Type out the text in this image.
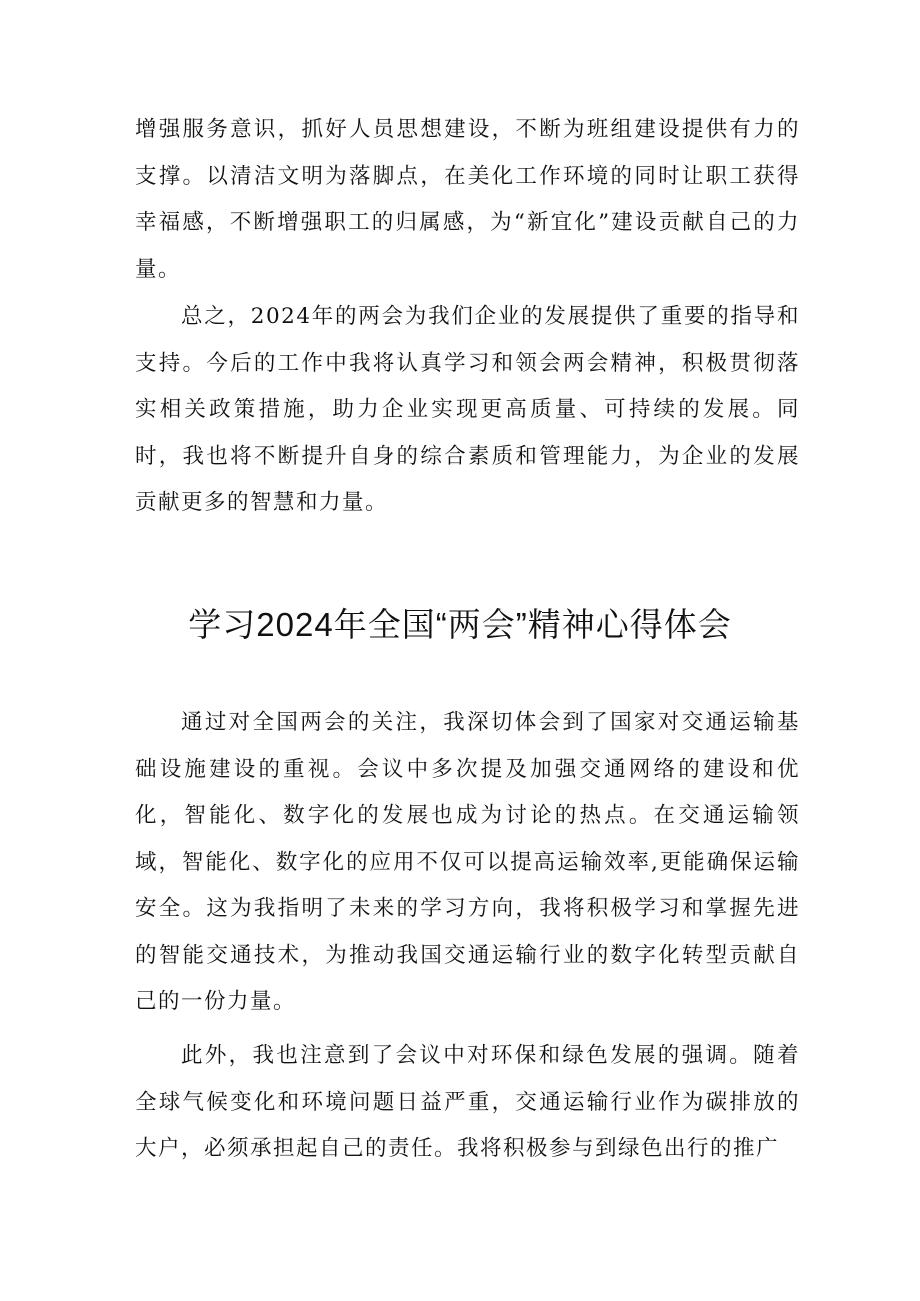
增强服务意识，抓好人员思想建设，不断为班组建设提供有力的支撑。以清洁文明为落脚点，在美化工作环境的同时让职工获得幸福感，不断增强职工的归属感，为“新宜化”建设贡献自己的力量。

总之，2024年的两会为我们企业的发展提供了重要的指导和支持。今后的工作中我将认真学习和领会两会精神，积极贯彻落实相关政策措施，助力企业实现更高质量、可持续的发展。同时，我也将不断提升自身的综合素质和管理能力，为企业的发展贡献更多的智慧和力量。

学习2024年全国“两会”精神心得体会

通过对全国两会的关注，我深切体会到了国家对交通运输基础设施建设的重视。会议中多次提及加强交通网络的建设和优化，智能化、数字化的发展也成为讨论的热点。在交通运输领域，智能化、数字化的应用不仅可以提高运输效率,更能确保运输安全。这为我指明了未来的学习方向，我将积极学习和掌握先进的智能交通技术，为推动我国交通运输行业的数字化转型贡献自己的一份力量。

此外，我也注意到了会议中对环保和绿色发展的强调。随着全球气候变化和环境问题日益严重，交通运输行业作为碳排放的大户，必须承担起自己的责任。我将积极参与到绿色出行的推广
